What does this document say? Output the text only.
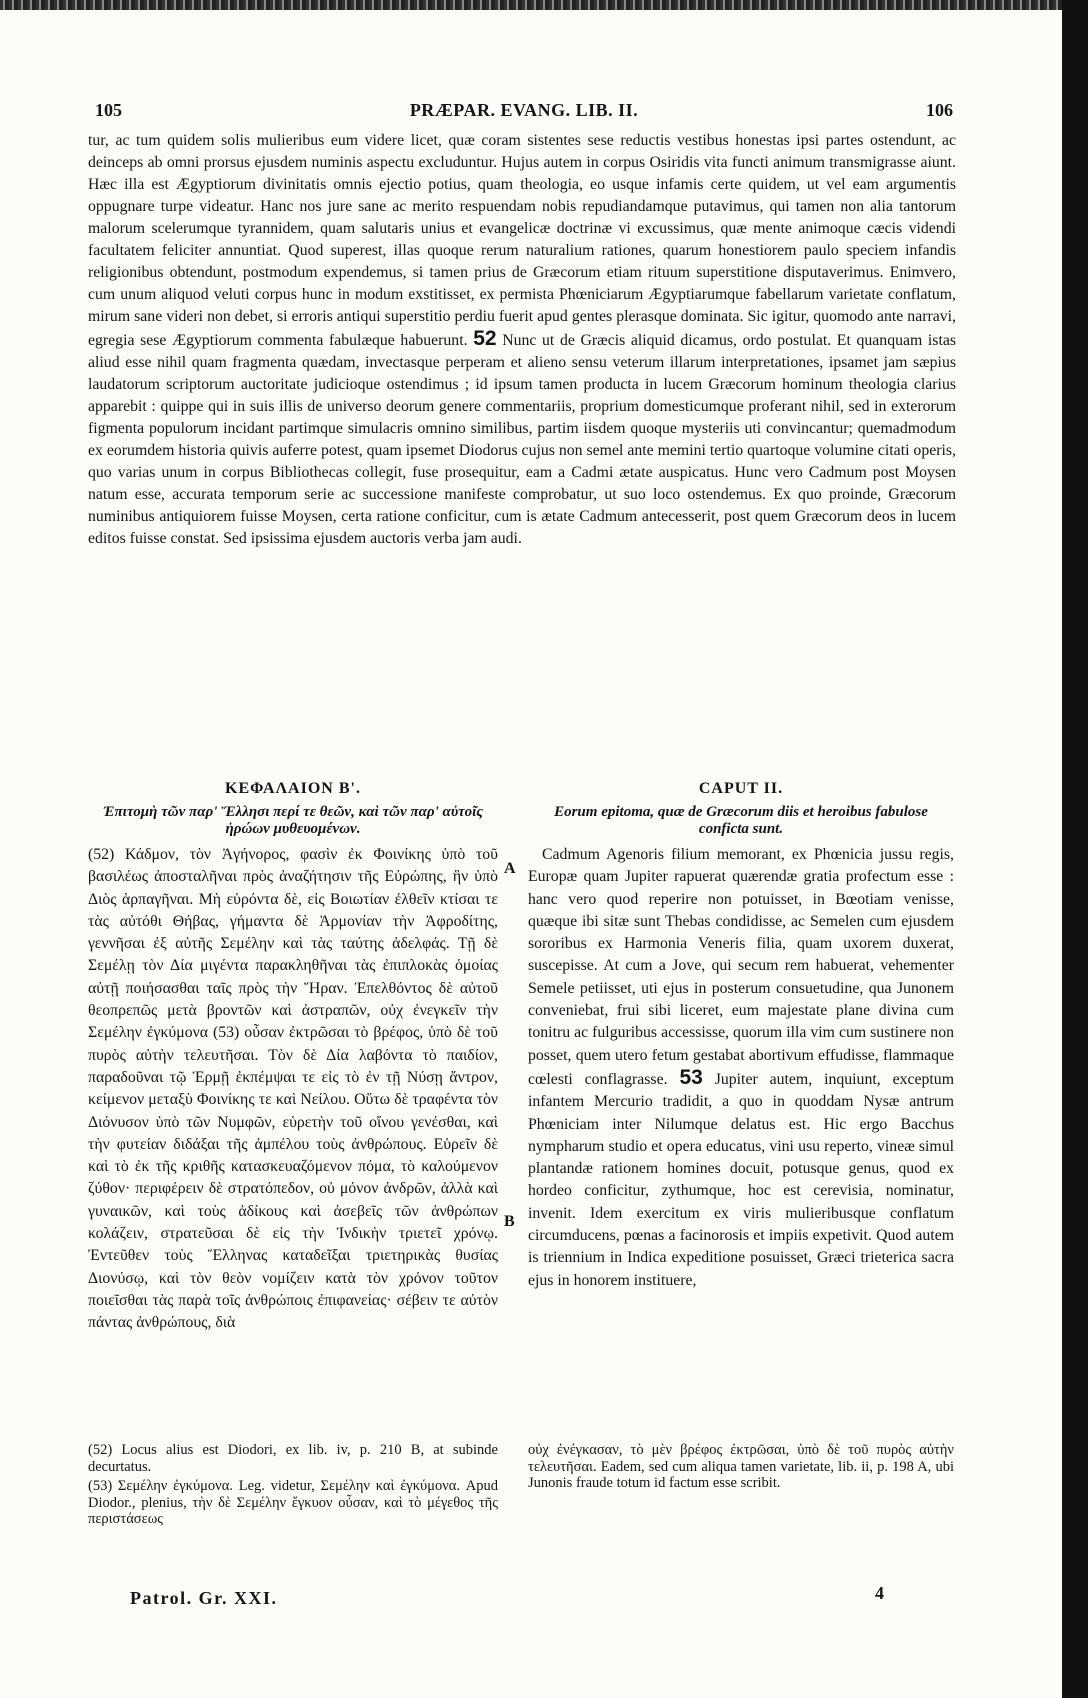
105	PRÆPAR. EVANG. LIB. II.	106
tur, ac tum quidem solis mulieribus eum videre licet, quæ coram sistentes sese reductis vestibus honestas ipsi partes ostendunt, ac deinceps ab omni prorsus ejusdem numinis aspectu excluduntur. Hujus autem in corpus Osiridis vita functi animum transmigrasse aiunt. Hæc illa est Ægyptiorum divinitatis omnis ejectio potius, quam theologia, eo usque infamis certe quidem, ut vel eam argumentis oppugnare turpe videatur. Hanc nos jure sane ac merito respuendam nobis repudiandamque putavimus, qui tamen non alia tantorum malorum scelerumque tyrannidem, quam salutaris unius et evangelicæ doctrinæ vi excussimus, quæ mente animoque cæcis videndi facultatem feliciter annuntiat. Quod superest, illas quoque rerum naturalium rationes, quarum honestiorem paulo speciem infandis religionibus obtendunt, postmodum expendemus, si tamen prius de Græcorum etiam rituum superstitione disputaverimus. Enimvero, cum unum aliquod veluti corpus hunc in modum exstitisset, ex permista Phœniciarum Ægyptiarumque fabellarum varietate conflatum, mirum sane videri non debet, si erroris antiqui superstitio perdiu fuerit apud gentes plerasque dominata. Sic igitur, quomodo ante narravi, egregia sese Ægyptiorum commenta fabulæque habuerunt. 52 Nunc ut de Græcis aliquid dicamus, ordo postulat. Et quanquam istas aliud esse nihil quam fragmenta quædam, invectasque perperam et alieno sensu veterum illarum interpretationes, ipsamet jam sæpius laudatorum scriptorum auctoritate judicioque ostendimus ; id ipsum tamen producta in lucem Græcorum hominum theologia clarius apparebit : quippe qui in suis illis de universo deorum genere commentariis, proprium domesticumque proferant nihil, sed in exterorum figmenta populorum incidant partimque simulacris omnino similibus, partim iisdem quoque mysteriis uti convincantur; quemadmodum ex eorumdem historia quivis auferre potest, quam ipsemet Diodorus cujus non semel ante memini tertio quartoque volumine citati operis, quo varias unum in corpus Bibliothecas collegit, fuse prosequitur, eam a Cadmi ætate auspicatus. Hunc vero Cadmum post Moysen natum esse, accurata temporum serie ac successione manifeste comprobatur, ut suo loco ostendemus. Ex quo proinde, Græcorum numinibus antiquiorem fuisse Moysen, certa ratione conficitur, cum is ætate Cadmum antecesserit, post quem Græcorum deos in lucem editos fuisse constat. Sed ipsissima ejusdem auctoris verba jam audi.
ΚΕΦΑΛΑΙΟΝ Β'.
Ἐπιτομὴ τῶν παρ' Ἕλλησι περί τε θεῶν, καὶ τῶν παρ' αὐτοῖς ἡρώων μυθευομένων.
(52) Κάδμον, τὸν Ἀγήνορος, φασὶν ἐκ Φοινίκης ὑπὸ τοῦ βασιλέως ἀποσταλῆναι πρὸς ἀναζήτησιν τῆς Εὐρώπης, ἣν ὑπὸ Διὸς ἁρπαγῆναι. Μὴ εὑρόντα δὲ, εἰς Βοιωτίαν ἐλθεῖν κτίσαι τε τὰς αὐτόθι Θήβας, γήμαντα δὲ Ἁρμονίαν τὴν Ἀφροδίτης, γεννῆσαι ἐξ αὐτῆς Σεμέλην καὶ τὰς ταύτης ἀδελφάς. Τῇ δὲ Σεμέλῃ τὸν Δία μιγέντα παρακληθῆναι τὰς ἐπιπλοκὰς ὁμοίας αὐτῇ ποιήσασθαι ταῖς πρὸς τὴν Ἥραν. Ἐπελθόντος δὲ αὐτοῦ θεοπρεπῶς μετὰ βροντῶν καὶ ἀστραπῶν, οὐχ ἐνεγκεῖν τὴν Σεμέλην ἐγκύμονα (53) οὖσαν ἐκτρῶσαι τὸ βρέφος, ὑπὸ δὲ τοῦ πυρὸς αὐτὴν τελευτῆσαι. Τὸν δὲ Δία λαβόντα τὸ παιδίον, παραδοῦναι τῷ Ἑρμῇ ἐκπέμψαι τε εἰς τὸ ἐν τῇ Νύσῃ ἄντρον, κείμενον μεταξὺ Φοινίκης τε καὶ Νείλου. Οὕτω δὲ τραφέντα τὸν Διόνυσον ὑπὸ τῶν Νυμφῶν, εὑρετὴν τοῦ οἴνου γενέσθαι, καὶ τὴν φυτείαν διδάξαι τῆς ἀμπέλου τοὺς ἀνθρώπους. Εὑρεῖν δὲ καὶ τὸ ἐκ τῆς κριθῆς κατασκευαζόμενον πόμα, τὸ καλούμενον ζύθον· περιφέρειν δὲ στρατόπεδον, οὐ μόνον ἀνδρῶν, ἀλλὰ καὶ γυναικῶν, καὶ τοὺς ἀδίκους καὶ ἀσεβεῖς τῶν ἀνθρώπων κολάζειν, στρατεῦσαι δὲ εἰς τὴν Ἰνδικὴν τριετεῖ χρόνῳ. Ἐντεῦθεν τοὺς Ἕλληνας καταδεῖξαι τριετηρικὰς θυσίας Διονύσῳ, καὶ τὸν θεὸν νομίζειν κατὰ τὸν χρόνον τοῦτον ποιεῖσθαι τὰς παρὰ τοῖς ἀνθρώποις ἐπιφανείας· σέβειν τε αὐτὸν πάντας ἀνθρώπους, διὰ
A
B
CAPUT II.
Eorum epitoma, quæ de Græcorum diis et heroibus fabulose conficta sunt.
Cadmum Agenoris filium memorant, ex Phœnicia jussu regis, Europæ quam Jupiter rapuerat quærendæ gratia profectum esse : hanc vero quod reperire non potuisset, in Bœotiam venisse, quæque ibi sitæ sunt Thebas condidisse, ac Semelen cum ejusdem sororibus ex Harmonia Veneris filia, quam uxorem duxerat, suscepisse. At cum a Jove, qui secum rem habuerat, vehementer Semele petiisset, uti ejus in posterum consuetudine, qua Junonem conveniebat, frui sibi liceret, eum majestate plane divina cum tonitru ac fulguribus accessisse, quorum illa vim cum sustinere non posset, quem utero fetum gestabat abortivum effudisse, flammaque cœlesti conflagrasse. 53 Jupiter autem, inquiunt, exceptum infantem Mercurio tradidit, a quo in quoddam Nysæ antrum Phœniciam inter Nilumque delatus est. Hic ergo Bacchus nympharum studio et opera educatus, vini usu reperto, vineæ simul plantandæ rationem homines docuit, potusque genus, quod ex hordeo conficitur, zythumque, hoc est cerevisia, nominatur, invenit. Idem exercitum ex viris mulieribusque conflatum circumducens, pœnas a facinorosis et impiis expetivit. Quod autem is triennium in Indica expeditione posuisset, Græci trieterica sacra ejus in honorem instituere,

(52) Locus alius est Diodori, ex lib. iv, p. 210 B, at subinde decurtatus.

(53) Σεμέλην ἐγκύμονα. Leg. videtur, Σεμέλην καὶ ἐγκύμονα. Apud Diodor., plenius, τὴν δὲ Σεμέλην ἔγκυον οὖσαν, καὶ τὸ μέγεθος τῆς περιστάσεως

οὐχ ἐνέγκασαν, τὸ μὲν βρέφος ἐκτρῶσαι, ὑπὸ δὲ τοῦ πυρὸς αὐτὴν τελευτῆσαι. Eadem, sed cum aliqua tamen varietate, lib. ii, p. 198 A, ubi Junonis fraude totum id factum esse scribit.

Patrol. Gr. XXI.	4
